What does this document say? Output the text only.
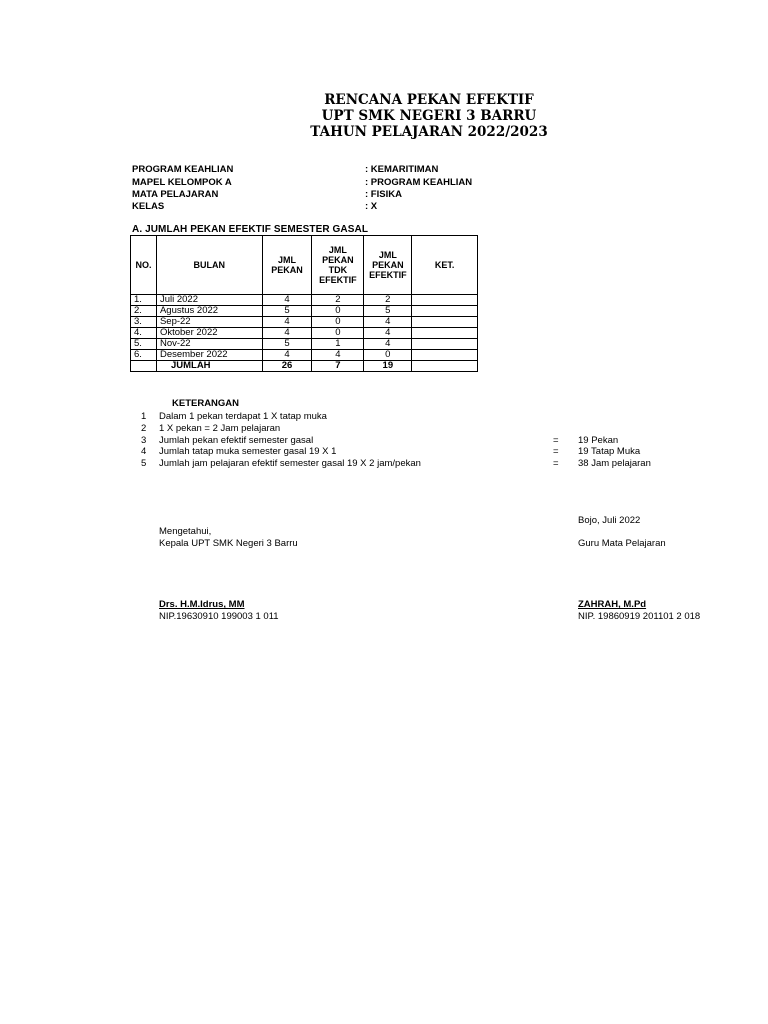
RENCANA PEKAN EFEKTIF
UPT SMK NEGERI 3 BARRU
TAHUN PELAJARAN 2022/2023
PROGRAM KEAHLIAN	: KEMARITIMAN
MAPEL KELOMPOK A	: PROGRAM KEAHLIAN
MATA PELAJARAN	: FISIKA
KELAS	: X
A. JUMLAH PEKAN EFEKTIF SEMESTER GASAL
NO.	BULAN	JML PEKAN	JML PEKAN TDK EFEKTIF	JML PEKAN EFEKTIF	KET.
1.	Juli 2022	4	2	2	
2.	Agustus 2022	5	0	5	
3.	Sep-22	4	0	4	
4.	Oktober 2022	4	0	4	
5.	Nov-22	5	1	4	
6.	Desember 2022	4	4	0	
	JUMLAH	26	7	19	
KETERANGAN
1 Dalam 1 pekan terdapat 1 X tatap muka
2 1 X pekan = 2 Jam pelajaran
3 Jumlah pekan efektif semester gasal	= 19 Pekan
4 Jumlah tatap muka semester gasal 19 X 1	= 19 Tatap Muka
5 Jumlah jam pelajaran efektif semester gasal 19 X 2 jam/pekan	= 38 Jam pelajaran
Bojo, Juli 2022
Mengetahui,
Kepala UPT SMK Negeri 3 Barru	Guru Mata Pelajaran
Drs. H.M.Idrus, MM
NIP.19630910 199003 1 011
ZAHRAH, M.Pd
NIP. 19860919 201101 2 018
